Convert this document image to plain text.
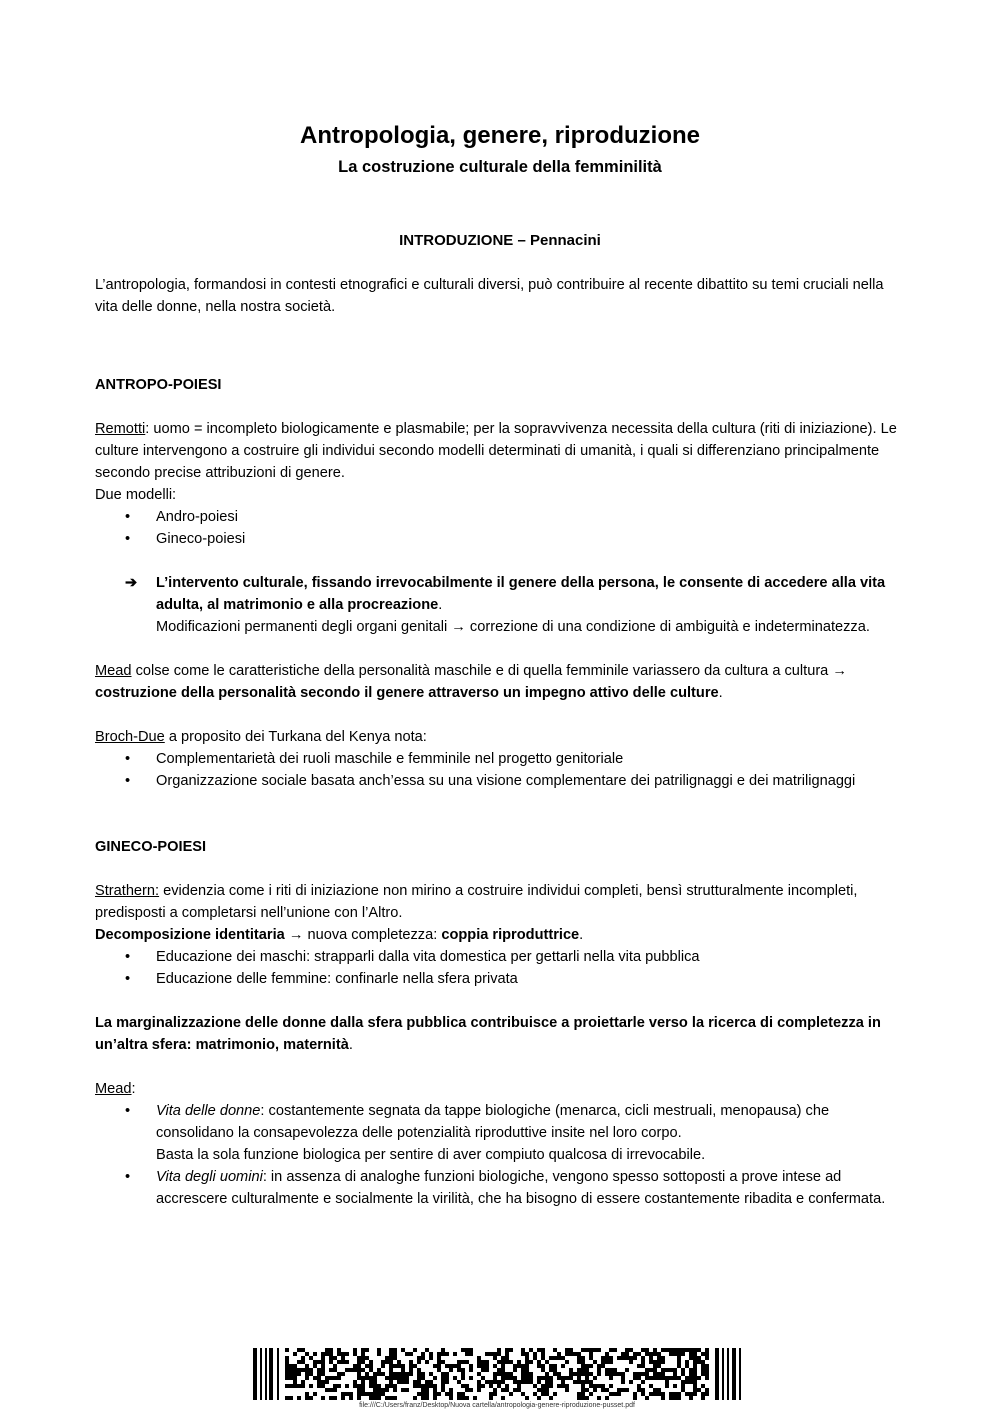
Antropologia, genere, riproduzione
La costruzione culturale della femminilità

INTRODUZIONE – Pennacini

L’antropologia, formandosi in contesti etnografici e culturali diversi, può contribuire al recente dibattito su temi cruciali nella vita delle donne, nella nostra società.

ANTROPO-POIESI

Remotti: uomo = incompleto biologicamente e plasmabile; per la sopravvivenza necessita della cultura (riti di iniziazione). Le culture intervengono a costruire gli individui secondo modelli determinati di umanità, i quali si differenziano principalmente secondo precise attribuzioni di genere.

Due modelli:

• Andro-poiesi
• Gineco-poiesi
➔ L’intervento culturale, fissando irrevocabilmente il genere della persona, le consente di accedere alla vita adulta, al matrimonio e alla procreazione.

Modificazioni permanenti degli organi genitali → correzione di una condizione di ambiguità e indeterminatezza.

Mead colse come le caratteristiche della personalità maschile e di quella femminile variassero da cultura a cultura → costruzione della personalità secondo il genere attraverso un impegno attivo delle culture.

Broch-Due a proposito dei Turkana del Kenya nota:

• Complementarietà dei ruoli maschile e femminile nel progetto genitoriale
• Organizzazione sociale basata anch’essa su una visione complementare dei patrilignaggi e dei matrilignaggi

GINECO-POIESI

Strathern: evidenzia come i riti di iniziazione non mirino a costruire individui completi, bensì strutturalmente incompleti, predisposti a completarsi nell’unione con l’Altro.

Decomposizione identitaria → nuova completezza: coppia riproduttrice.

• Educazione dei maschi: strapparli dalla vita domestica per gettarli nella vita pubblica
• Educazione delle femmine: confinarle nella sfera privata

La marginalizzazione delle donne dalla sfera pubblica contribuisce a proiettarle verso la ricerca di completezza in un’altra sfera: matrimonio, maternità.

Mead:

• Vita delle donne: costantemente segnata da tappe biologiche (menarca, cicli mestruali, menopausa) che consolidano la consapevolezza delle potenzialità riproduttive insite nel loro corpo.
Basta la sola funzione biologica per sentire di aver compiuto qualcosa di irrevocabile.
• Vita degli uomini: in assenza di analoghe funzioni biologiche, vengono spesso sottoposti a prove intese ad accrescere culturalmente e socialmente la virilità, che ha bisogno di essere costantemente ribadita e confermata.
file:///C:/Users/franz/Desktop/Nuova cartella/antropologia-genere-riproduzione-pusset.pdf
